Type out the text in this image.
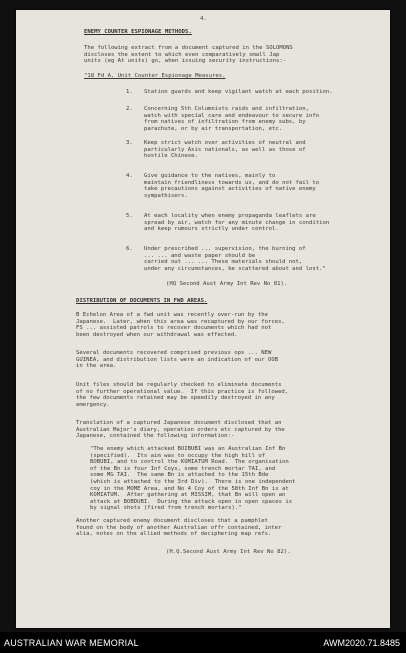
4.
ENEMY COUNTER ESPIONAGE METHODS.
The following extract from a document captured in the SOLOMONS
discloses the extent to which even comparatively small Jap
units (eg At units) go, when issuing security instructions:-
"18 Fd A. Unit Counter Espionage Measures.
1. Station guards and keep vigilant watch at each position.
2. Concerning 5th Columnists raids and infiltration,
watch with special care and endeavour to secure info
from natives of infiltration from enemy subs, by
parachute, or by air transportation, etc.
3. Keep strict watch over activities of neutral and
particularly Axis nationals, as well as those of
hostile Chinese.
4. Give guidance to the natives, mainly to
maintain friendliness towards us, and do not fail to
take precautions against activities of native enemy
sympathisers.
5. At each locality when enemy propaganda leaflets are
spread by air, watch for any minute change in condition
and keep rumours strictly under control.
6. Under prescribed ... supervision, the burning of
... ... and waste paper should be
carried out ... ... These materials should not,
under any circumstances, be scattered about and lost."
(HQ Second Aust Army Int Rev No 81).
DISTRIBUTION OF DOCUMENTS IN FWD AREAS.
B Echelon Area of a fwd unit was recently over-run by the
Japanese.  Later, when this area was recaptured by our forces,
FS ... assisted patrols to recover documents which had not
been destroyed when our withdrawal was effected.
Several documents recovered comprised previous ops ... NEW
GUINEA, and distribution lists were an indication of our OOB
in the area.
Unit files should be regularly checked to eliminate documents
of no further operational value.  If this practice is followed,
the few documents retained may be speedily destroyed in any
emergency.
Translation of a captured Japanese document disclosed that an
Australian Major's diary, operation orders etc captured by the
Japanese, contained the following information:-
"The enemy which attacked BOIBUBI was an Australian Inf Bn
(specified).  Its aim was to occupy the high hill of
BOBUBI, and to control the KOMIATUM Road.  The organisation
of the Bn is four Inf Coys, some trench mortar TAI, and
some MG TAI.  The same Bn is attached to the 15th Bde
(which is attached to the 3rd Div).  There is one independent
coy in the MOME Area, and No 4 Coy of the 58th Inf Bn is at
KOMIATUM.  After gathering at MISSIM, that Bn will open an
attack at BOBDUBI.  During the attack open in open spaces is
by signal shots (fired from trench mortars)."
Another captured enemy document discloses that a pamphlet
found on the body of another Australian offr contained, inter
alia, notes on the allied methods of deciphering map refs.
(H.Q.Second Aust Army Int Rev No 82).
AUSTRALIAN WAR MEMORIAL	AWM2020.71.8485
